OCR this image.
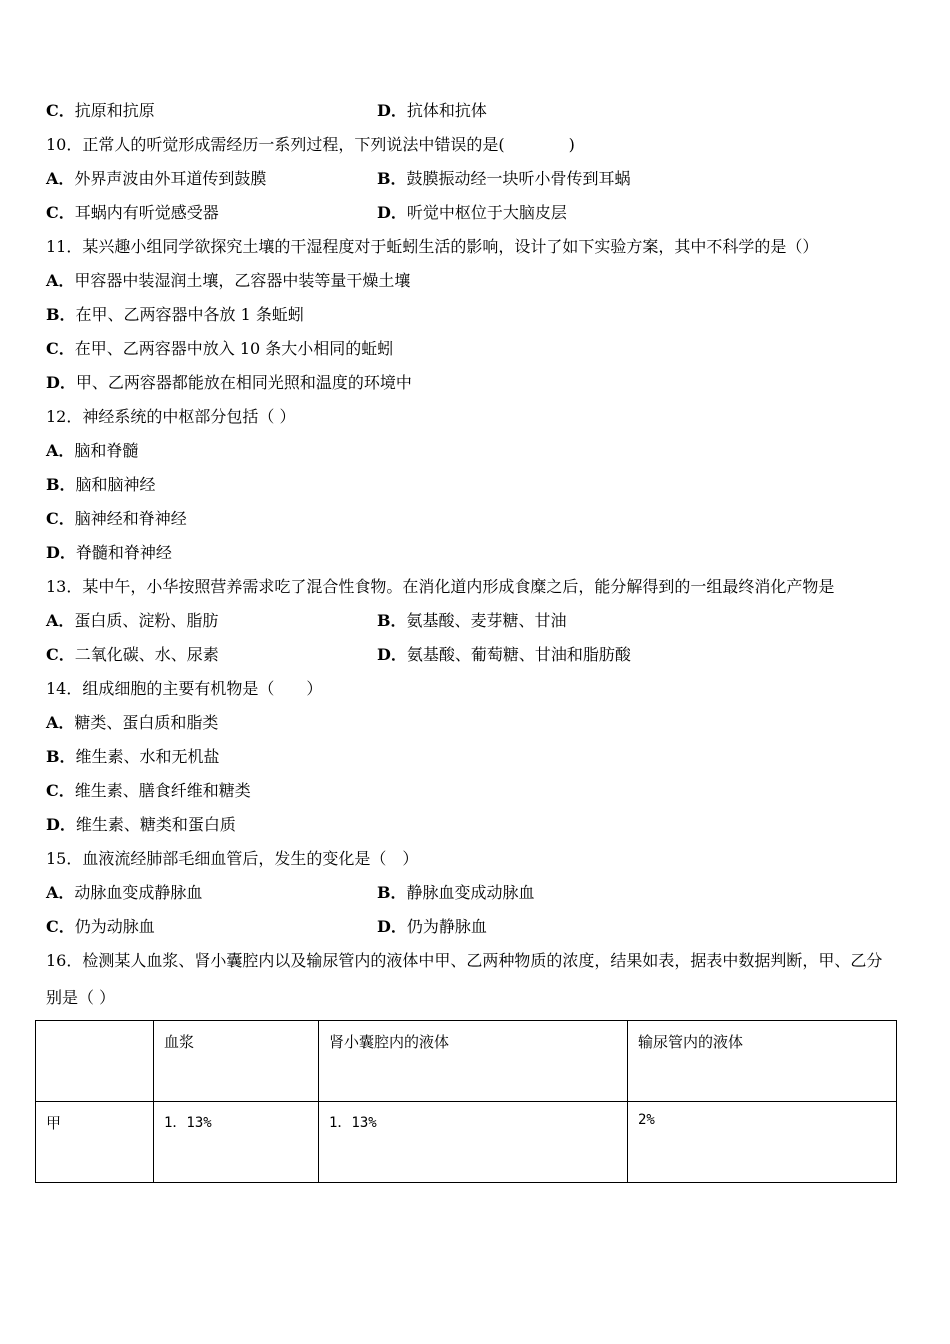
C．抗原和抗原	D．抗体和抗体
10．正常人的听觉形成需经历一系列过程，下列说法中错误的是(　　　　)
A．外界声波由外耳道传到鼓膜	B．鼓膜振动经一块听小骨传到耳蜗
C．耳蜗内有听觉感受器	D．听觉中枢位于大脑皮层
11．某兴趣小组同学欲探究土壤的干湿程度对于蚯蚓生活的影响，设计了如下实验方案，其中不科学的是（）
A．甲容器中装湿润土壤，乙容器中装等量干燥土壤
B．在甲、乙两容器中各放 1 条蚯蚓
C．在甲、乙两容器中放入 10 条大小相同的蚯蚓
D．甲、乙两容器都能放在相同光照和温度的环境中
12．神经系统的中枢部分包括（ ）
A．脑和脊髓
B．脑和脑神经
C．脑神经和脊神经
D．脊髓和脊神经
13．某中午，小华按照营养需求吃了混合性食物。在消化道内形成食糜之后，能分解得到的一组最终消化产物是
A．蛋白质、淀粉、脂肪	B．氨基酸、麦芽糖、甘油
C．二氧化碳、水、尿素	D．氨基酸、葡萄糖、甘油和脂肪酸
14．组成细胞的主要有机物是（　　）
A．糖类、蛋白质和脂类
B．维生素、水和无机盐
C．维生素、膳食纤维和糖类
D．维生素、糖类和蛋白质
15．血液流经肺部毛细血管后，发生的变化是（　）
A．动脉血变成静脉血	B．静脉血变成动脉血
C．仍为动脉血	D．仍为静脉血
16．检测某人血浆、肾小囊腔内以及输尿管内的液体中甲、乙两种物质的浓度，结果如表，据表中数据判断，甲、乙分
别是（ ）
	血浆	肾小囊腔内的液体	输尿管内的液体
甲	1．13%	1．13%	2%
